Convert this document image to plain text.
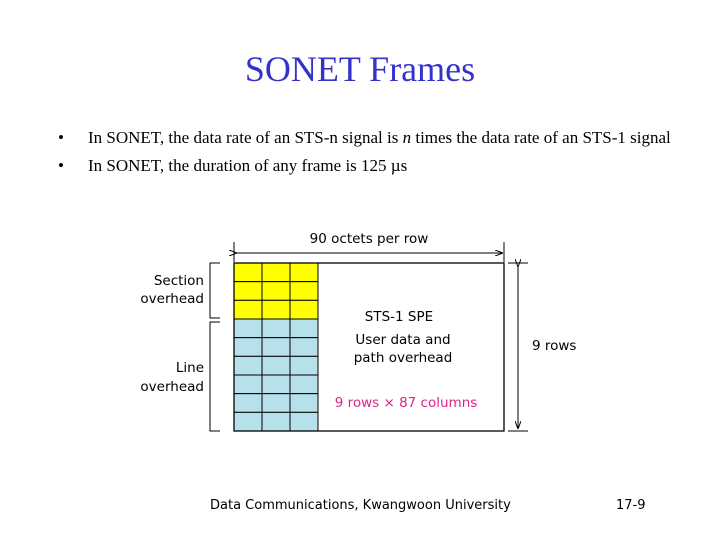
SONET Frames
• In SONET, the data rate of an STS-n signal is n times the data rate of an STS-1 signal
• In SONET, the duration of any frame is 125 µs
90 octets per row
9 rows
Section
overhead
Line
overhead
STS-1 SPE
User data and
path overhead
9 rows × 87 columns
Data Communications, Kwangwoon University	17-9
